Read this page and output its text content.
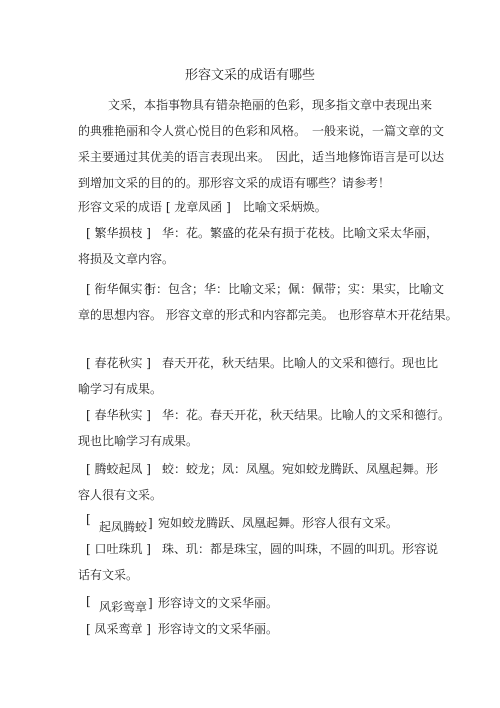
形容文采的成语有哪些
文采，本指事物具有错杂艳丽的色彩，现多指文章中表现出来
的典雅艳丽和令人赏心悦目的色彩和风格。　一般来说，一篇文章的文
采主要通过其优美的语言表现出来。　因此，适当地修饰语言是可以达
到增加文采的目的的。那形容文采的成语有哪些？请参考！
形容文采的成语 [ 龙章凤函 ]　比喻文采炳焕。
[ 繁华损枝 ] 华：花。繁盛的花朵有损于花枝。比喻文采太华丽，
将损及文章内容。
[ 衔华佩实 ]
衔：包含；华：比喻文采；佩：佩带；实：果实，比喻文
章的思想内容。 形容文章的形式和内容都完美。 也形容草木开花结果。
[ 春花秋实 ] 春天开花，秋天结果。比喻人的文采和德行。现也比
喻学习有成果。
[ 春华秋实 ] 华：花。春天开花，秋天结果。比喻人的文采和德行。
现也比喻学习有成果。
[ 腾蛟起凤 ] 蛟：蛟龙；凤：凤凰。宛如蛟龙腾跃、凤凰起舞。形
容人很有文采。
[
起凤腾蛟 ] 宛如蛟龙腾跃、凤凰起舞。形容人很有文采。
[ 口吐珠玑 ] 珠、玑：都是珠宝，圆的叫珠，不圆的叫玑。形容说
话有文采。
[ 风彩鸾章 ] 形容诗文的文采华丽。
[ 凤采鸾章 ] 形容诗文的文采华丽。
